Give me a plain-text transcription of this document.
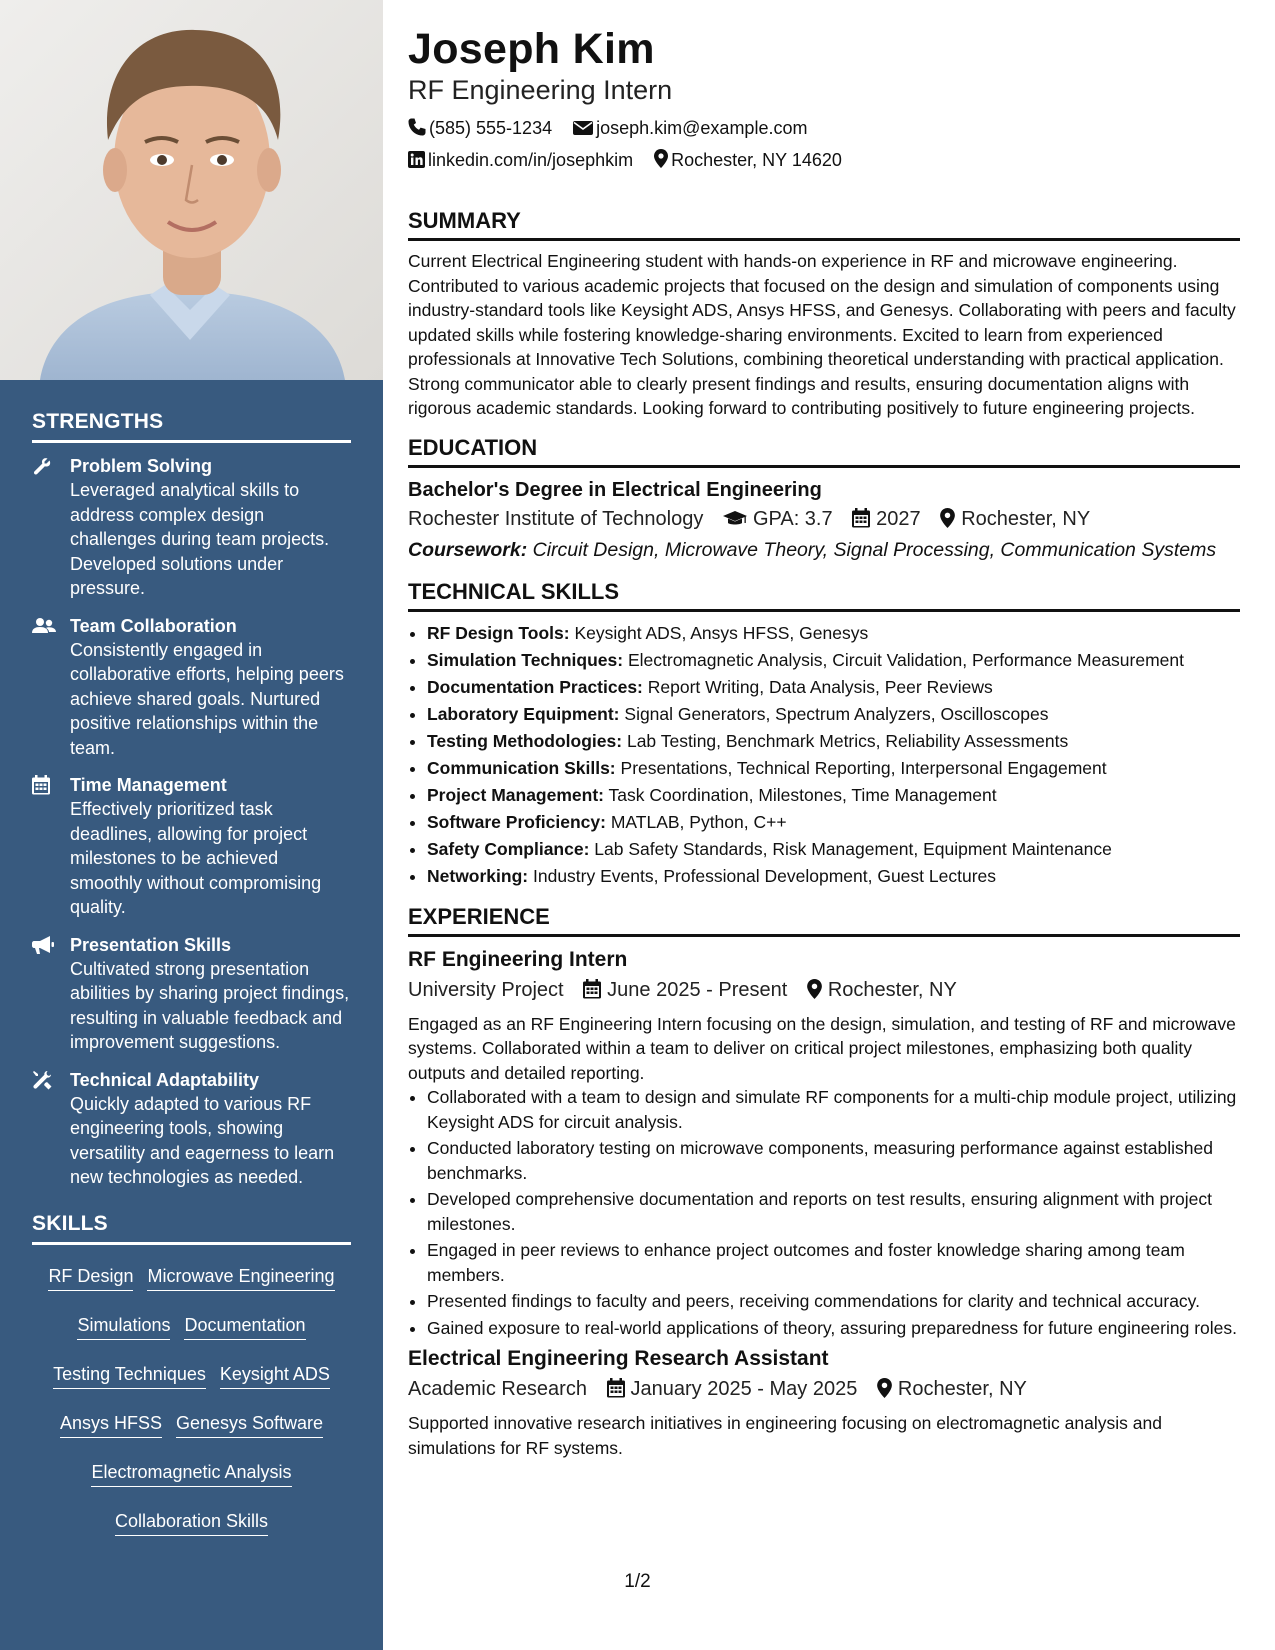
STRENGTHS
Problem Solving
Leveraged analytical skills to address complex design challenges during team projects. Developed solutions under pressure.
Team Collaboration
Consistently engaged in collaborative efforts, helping peers achieve shared goals. Nurtured positive relationships within the team.
Time Management
Effectively prioritized task deadlines, allowing for project milestones to be achieved smoothly without compromising quality.
Presentation Skills
Cultivated strong presentation abilities by sharing project findings, resulting in valuable feedback and improvement suggestions.
Technical Adaptability
Quickly adapted to various RF engineering tools, showing versatility and eagerness to learn new technologies as needed.
SKILLS
RF Design Microwave Engineering
Simulations Documentation
Testing Techniques Keysight ADS
Ansys HFSS Genesys Software
Electromagnetic Analysis
Collaboration Skills
Joseph Kim
RF Engineering Intern
(585) 555-1234 joseph.kim@example.com
linkedin.com/in/josephkim Rochester, NY 14620
SUMMARY
Current Electrical Engineering student with hands-on experience in RF and microwave engineering. Contributed to various academic projects that focused on the design and simulation of components using industry-standard tools like Keysight ADS, Ansys HFSS, and Genesys. Collaborating with peers and faculty updated skills while fostering knowledge-sharing environments. Excited to learn from experienced professionals at Innovative Tech Solutions, combining theoretical understanding with practical application. Strong communicator able to clearly present findings and results, ensuring documentation aligns with rigorous academic standards. Looking forward to contributing positively to future engineering projects.
EDUCATION
Bachelor's Degree in Electrical Engineering
Rochester Institute of Technology GPA: 3.7 2027 Rochester, NY
Coursework: Circuit Design, Microwave Theory, Signal Processing, Communication Systems
TECHNICAL SKILLS
• RF Design Tools: Keysight ADS, Ansys HFSS, Genesys
• Simulation Techniques: Electromagnetic Analysis, Circuit Validation, Performance Measurement
• Documentation Practices: Report Writing, Data Analysis, Peer Reviews
• Laboratory Equipment: Signal Generators, Spectrum Analyzers, Oscilloscopes
• Testing Methodologies: Lab Testing, Benchmark Metrics, Reliability Assessments
• Communication Skills: Presentations, Technical Reporting, Interpersonal Engagement
• Project Management: Task Coordination, Milestones, Time Management
• Software Proficiency: MATLAB, Python, C++
• Safety Compliance: Lab Safety Standards, Risk Management, Equipment Maintenance
• Networking: Industry Events, Professional Development, Guest Lectures
EXPERIENCE
RF Engineering Intern
University Project June 2025 - Present Rochester, NY
Engaged as an RF Engineering Intern focusing on the design, simulation, and testing of RF and microwave systems. Collaborated within a team to deliver on critical project milestones, emphasizing both quality outputs and detailed reporting.
• Collaborated with a team to design and simulate RF components for a multi-chip module project, utilizing Keysight ADS for circuit analysis.
• Conducted laboratory testing on microwave components, measuring performance against established benchmarks.
• Developed comprehensive documentation and reports on test results, ensuring alignment with project milestones.
• Engaged in peer reviews to enhance project outcomes and foster knowledge sharing among team members.
• Presented findings to faculty and peers, receiving commendations for clarity and technical accuracy.
• Gained exposure to real-world applications of theory, assuring preparedness for future engineering roles.
Electrical Engineering Research Assistant
Academic Research January 2025 - May 2025 Rochester, NY
Supported innovative research initiatives in engineering focusing on electromagnetic analysis and simulations for RF systems.
1/2
